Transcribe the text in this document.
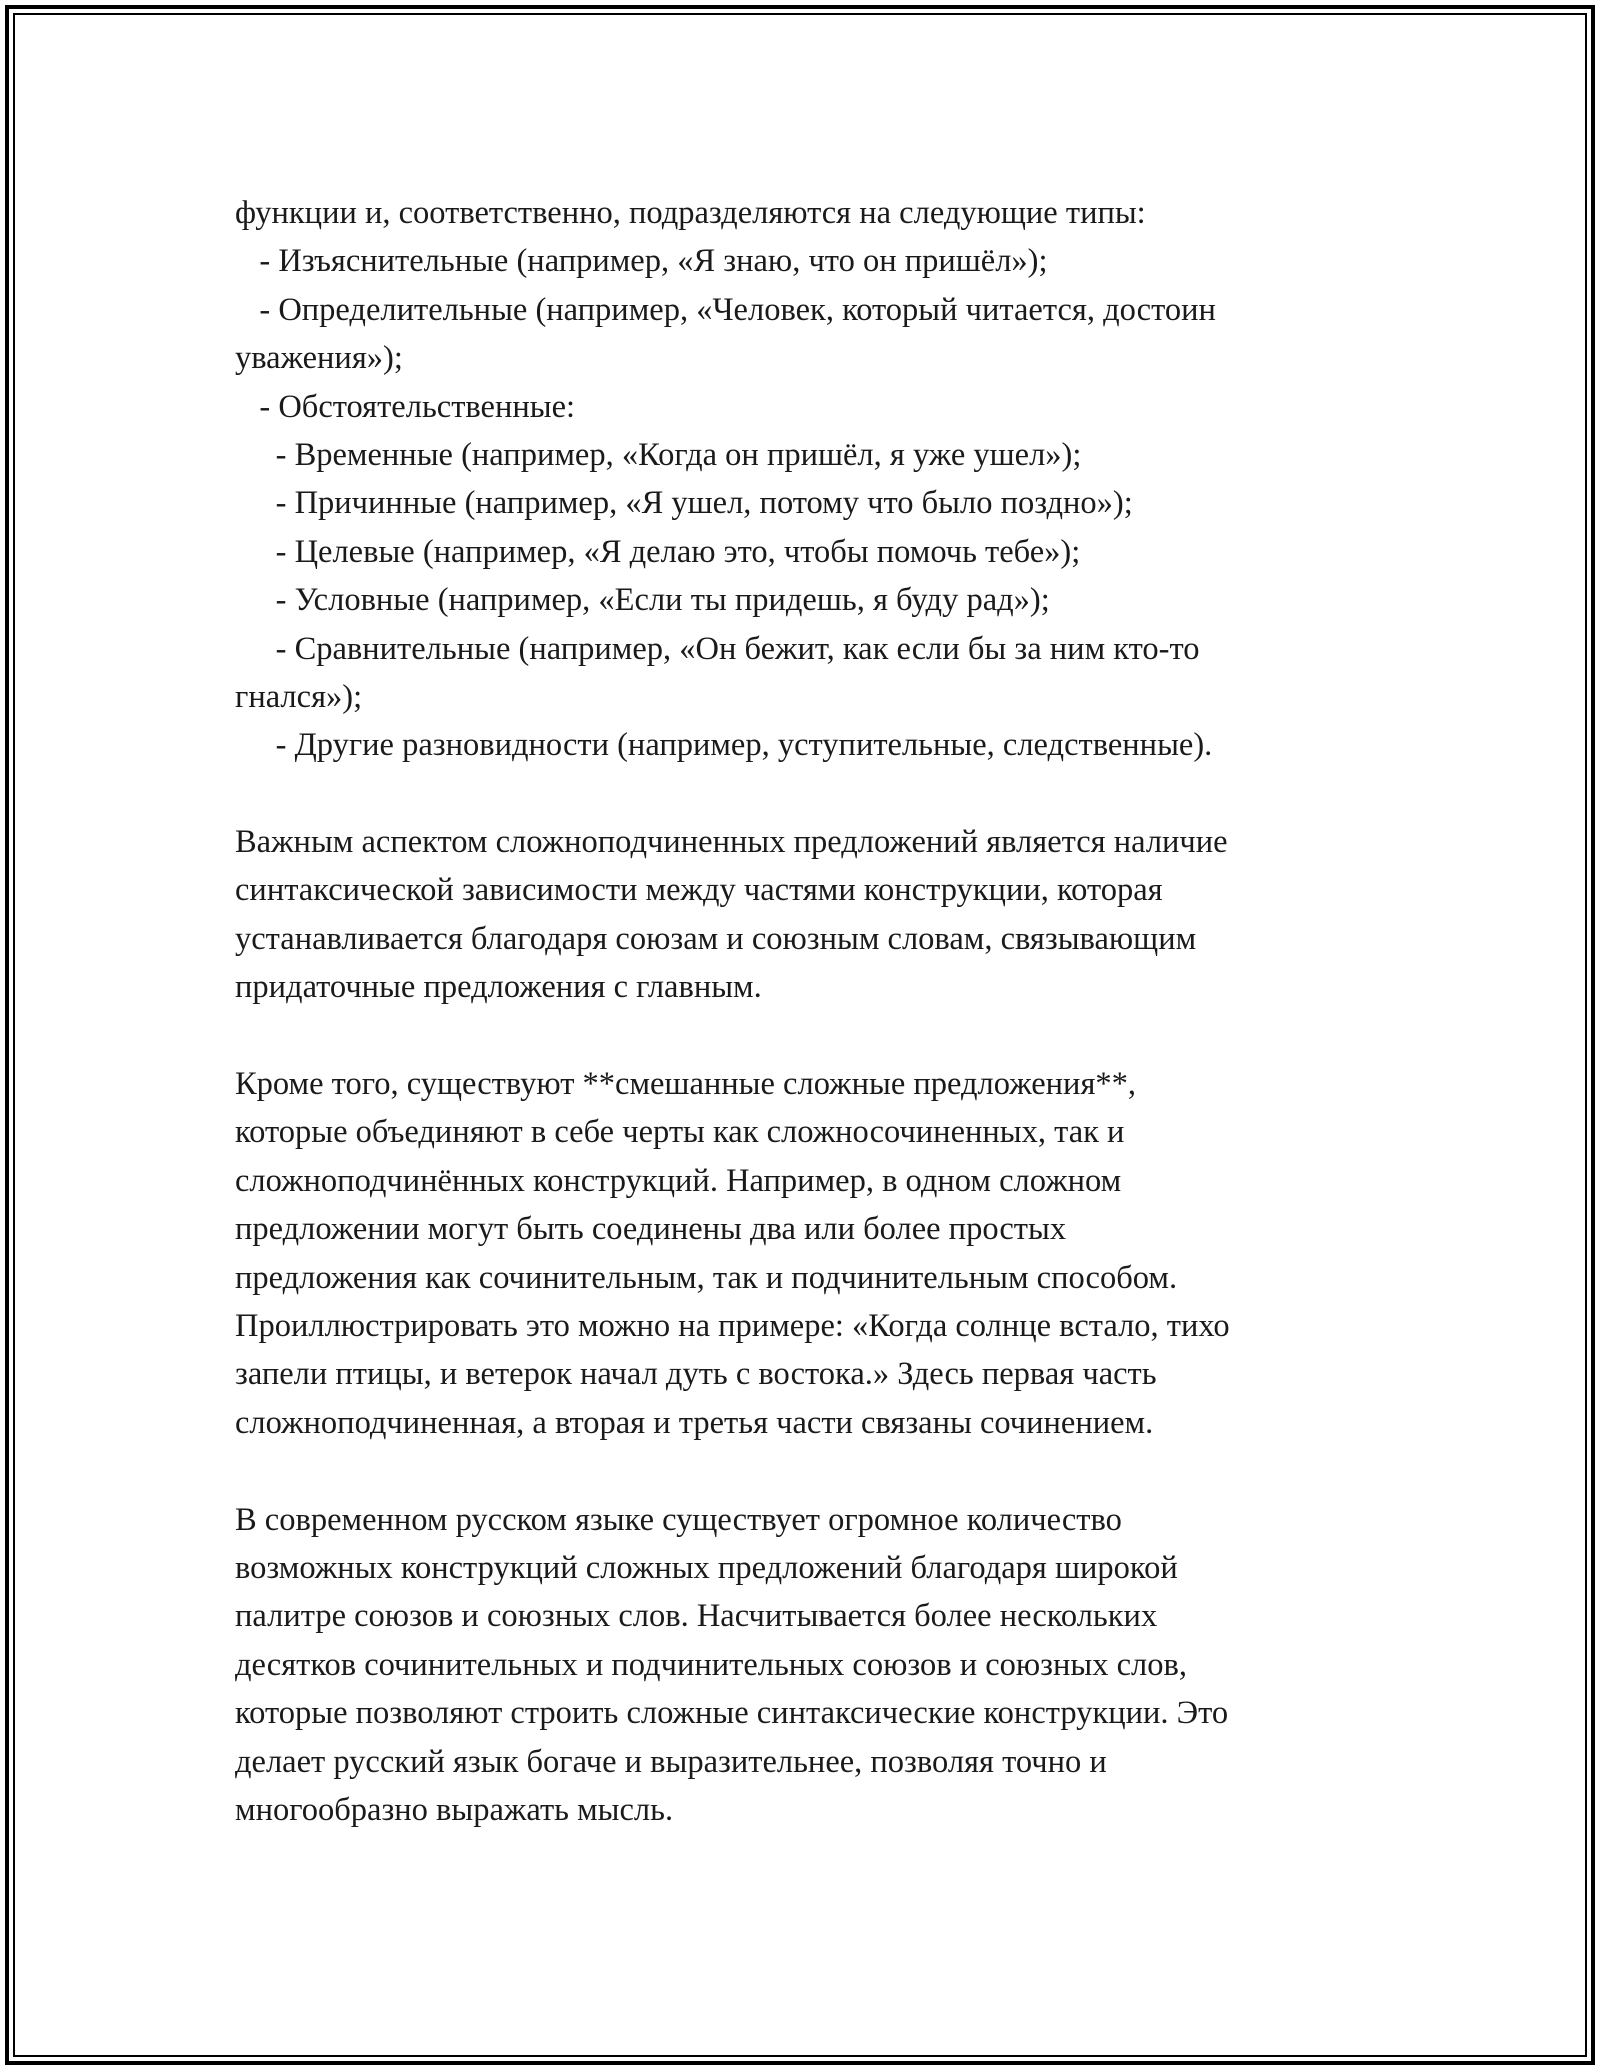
функции и, соответственно, подразделяются на следующие типы:
- Изъяснительные (например, «Я знаю, что он пришёл»);
- Определительные (например, «Человек, который читается, достоин
уважения»);
- Обстоятельственные:
- Временные (например, «Когда он пришёл, я уже ушел»);
- Причинные (например, «Я ушел, потому что было поздно»);
- Целевые (например, «Я делаю это, чтобы помочь тебе»);
- Условные (например, «Если ты придешь, я буду рад»);
- Сравнительные (например, «Он бежит, как если бы за ним кто-то
гнался»);
- Другие разновидности (например, уступительные, следственные).
Важным аспектом сложноподчиненных предложений является наличие
синтаксической зависимости между частями конструкции, которая
устанавливается благодаря союзам и союзным словам, связывающим
придаточные предложения с главным.
Кроме того, существуют **смешанные сложные предложения**,
которые объединяют в себе черты как сложносочиненных, так и
сложноподчинённых конструкций. Например, в одном сложном
предложении могут быть соединены два или более простых
предложения как сочинительным, так и подчинительным способом.
Проиллюстрировать это можно на примере: «Когда солнце встало, тихо
запели птицы, и ветерок начал дуть с востока.» Здесь первая часть
сложноподчиненная, а вторая и третья части связаны сочинением.
В современном русском языке существует огромное количество
возможных конструкций сложных предложений благодаря широкой
палитре союзов и союзных слов. Насчитывается более нескольких
десятков сочинительных и подчинительных союзов и союзных слов,
которые позволяют строить сложные синтаксические конструкции. Это
делает русский язык богаче и выразительнее, позволяя точно и
многообразно выражать мысль.
